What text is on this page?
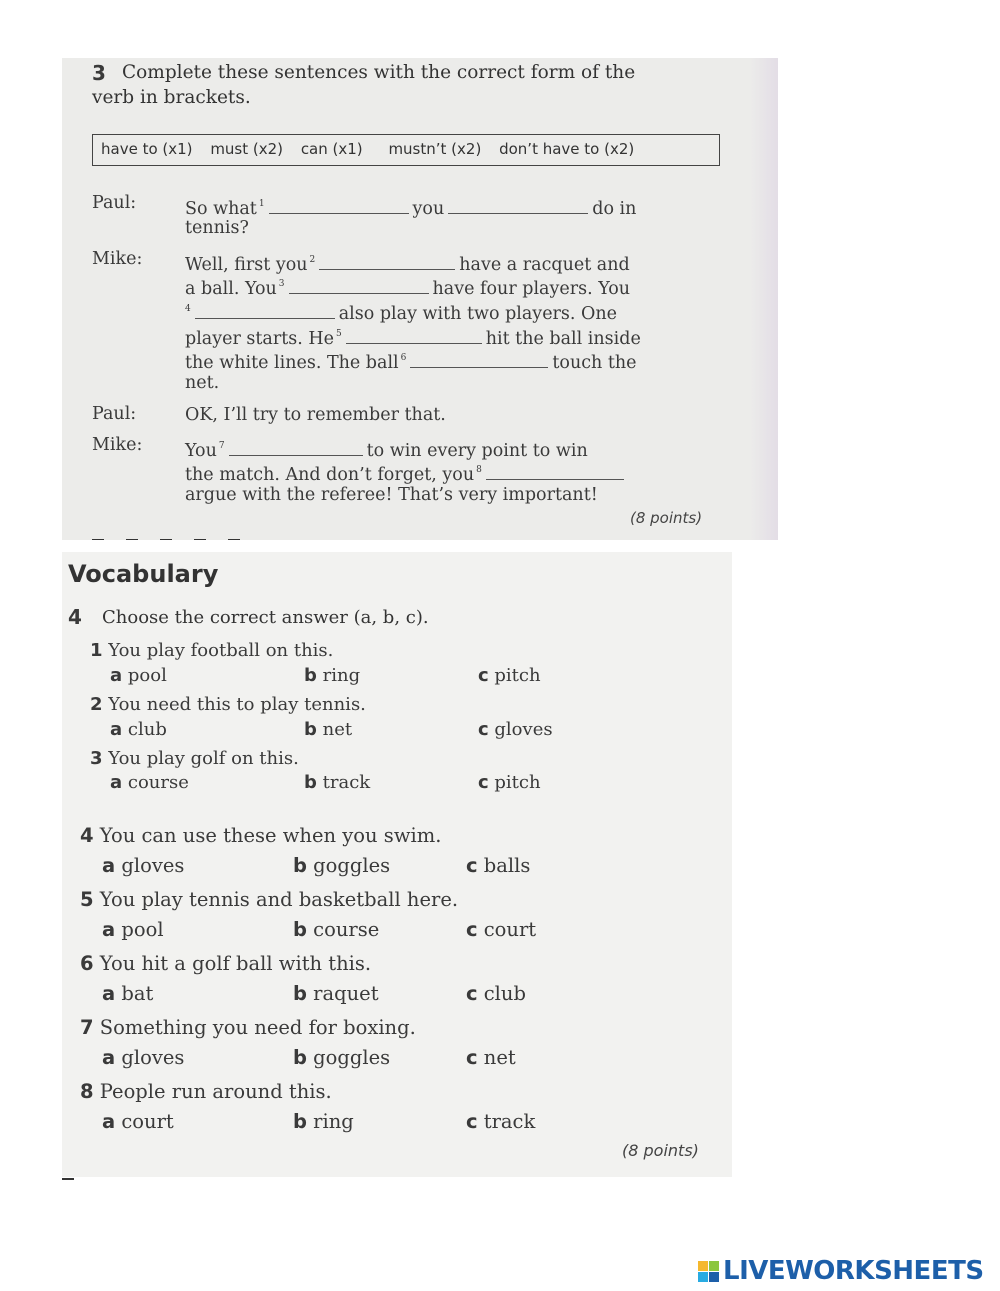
3 Complete these sentences with the correct form of the
verb in brackets.
have to (x1) must (x2) can (x1) mustn’t (x2) don’t have to (x2)
Paul:	So what $^1$	you	do in
tennis?
Mike: Well, first you $^2$	have a racquet and
a ball. You $^3$	have four players. You
$^4$	also play with two players. One
player starts. He $^5$	hit the ball inside
the white lines. The ball $^6$	touch the
net.
Paul:	OK, I’ll try to remember that.
Mike: You $^7$	to win every point to win
the match. And don’t forget, you $^8$
argue with the referee! That’s very important!
(8 points)
Vocabulary
4 Choose the correct answer (a, b, c).
1 You play football on this.
a pool	b ring	c pitch
2 You need this to play tennis.
a club	b net	c gloves
3 You play golf on this.
a course	b track	c pitch
4 You can use these when you swim.
a gloves	b goggles	c balls
5 You play tennis and basketball here.
a pool	b course	c court
6 You hit a golf ball with this.
a bat	b raquet	c club
7 Something you need for boxing.
a gloves	b goggles	c net
8 People run around this.
a court	b ring	c track
(8 points)
LIVEWORKSHEETS
